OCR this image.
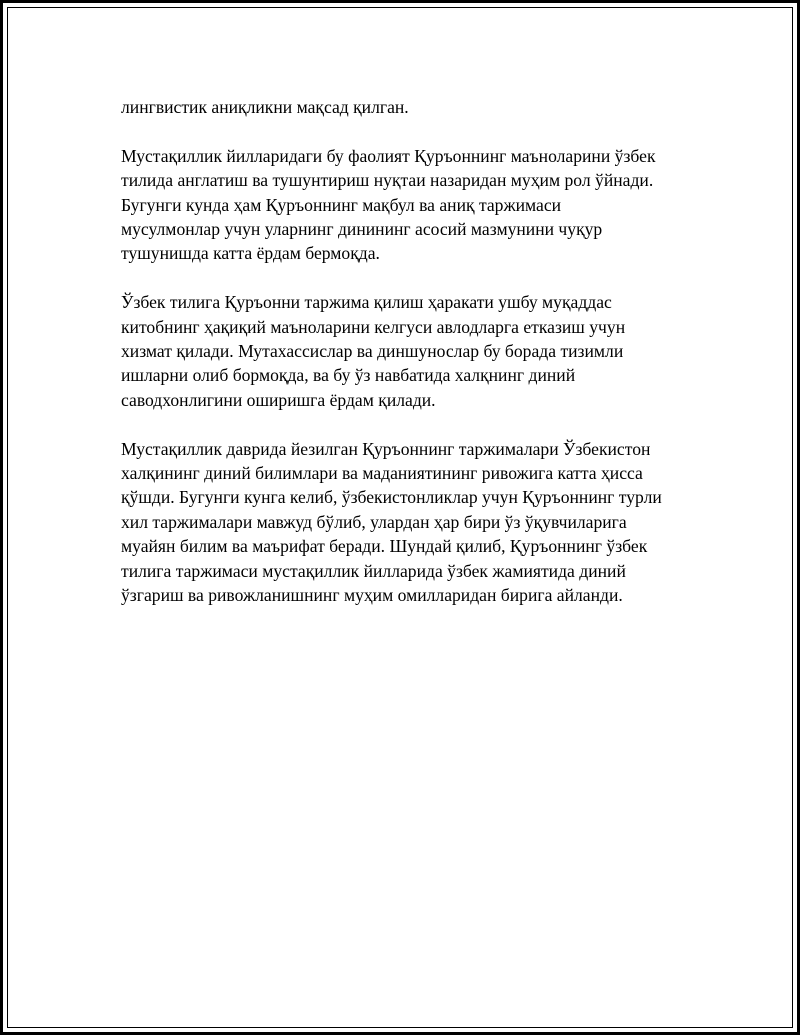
лингвистик аниқликни мақсад қилган.

Мустақиллик йилларидаги бу фаолият Қуръоннинг маъноларини ўзбек
тилида англатиш ва тушунтириш нуқтаи назаридан муҳим рол ўйнади.
Бугунги кунда ҳам Қуръоннинг мақбул ва аниқ таржимаси
мусулмонлар учун уларнинг динининг асосий мазмунини чуқур
тушунишда катта ёрдам бермоқда.

Ўзбек тилига Қуръонни таржима қилиш ҳаракати ушбу муқаддас
китобнинг ҳақиқий маъноларини келгуси авлодларга етказиш учун
хизмат қилади. Мутахассислар ва диншунослар бу борада тизимли
ишларни олиб бормоқда, ва бу ўз навбатида халқнинг диний
саводхонлигини оширишга ёрдам қилади.

Мустақиллик даврида йезилган Қуръоннинг таржималари Ўзбекистон
халқининг диний билимлари ва маданиятининг ривожига катта ҳисса
қўшди. Бугунги кунга келиб, ўзбекистонликлар учун Қуръоннинг турли
хил таржималари мавжуд бўлиб, улардан ҳар бири ўз ўқувчиларига
муайян билим ва маърифат беради. Шундай қилиб, Қуръоннинг ўзбек
тилига таржимаси мустақиллик йилларида ўзбек жамиятида диний
ўзгариш ва ривожланишнинг муҳим омилларидан бирига айланди.
